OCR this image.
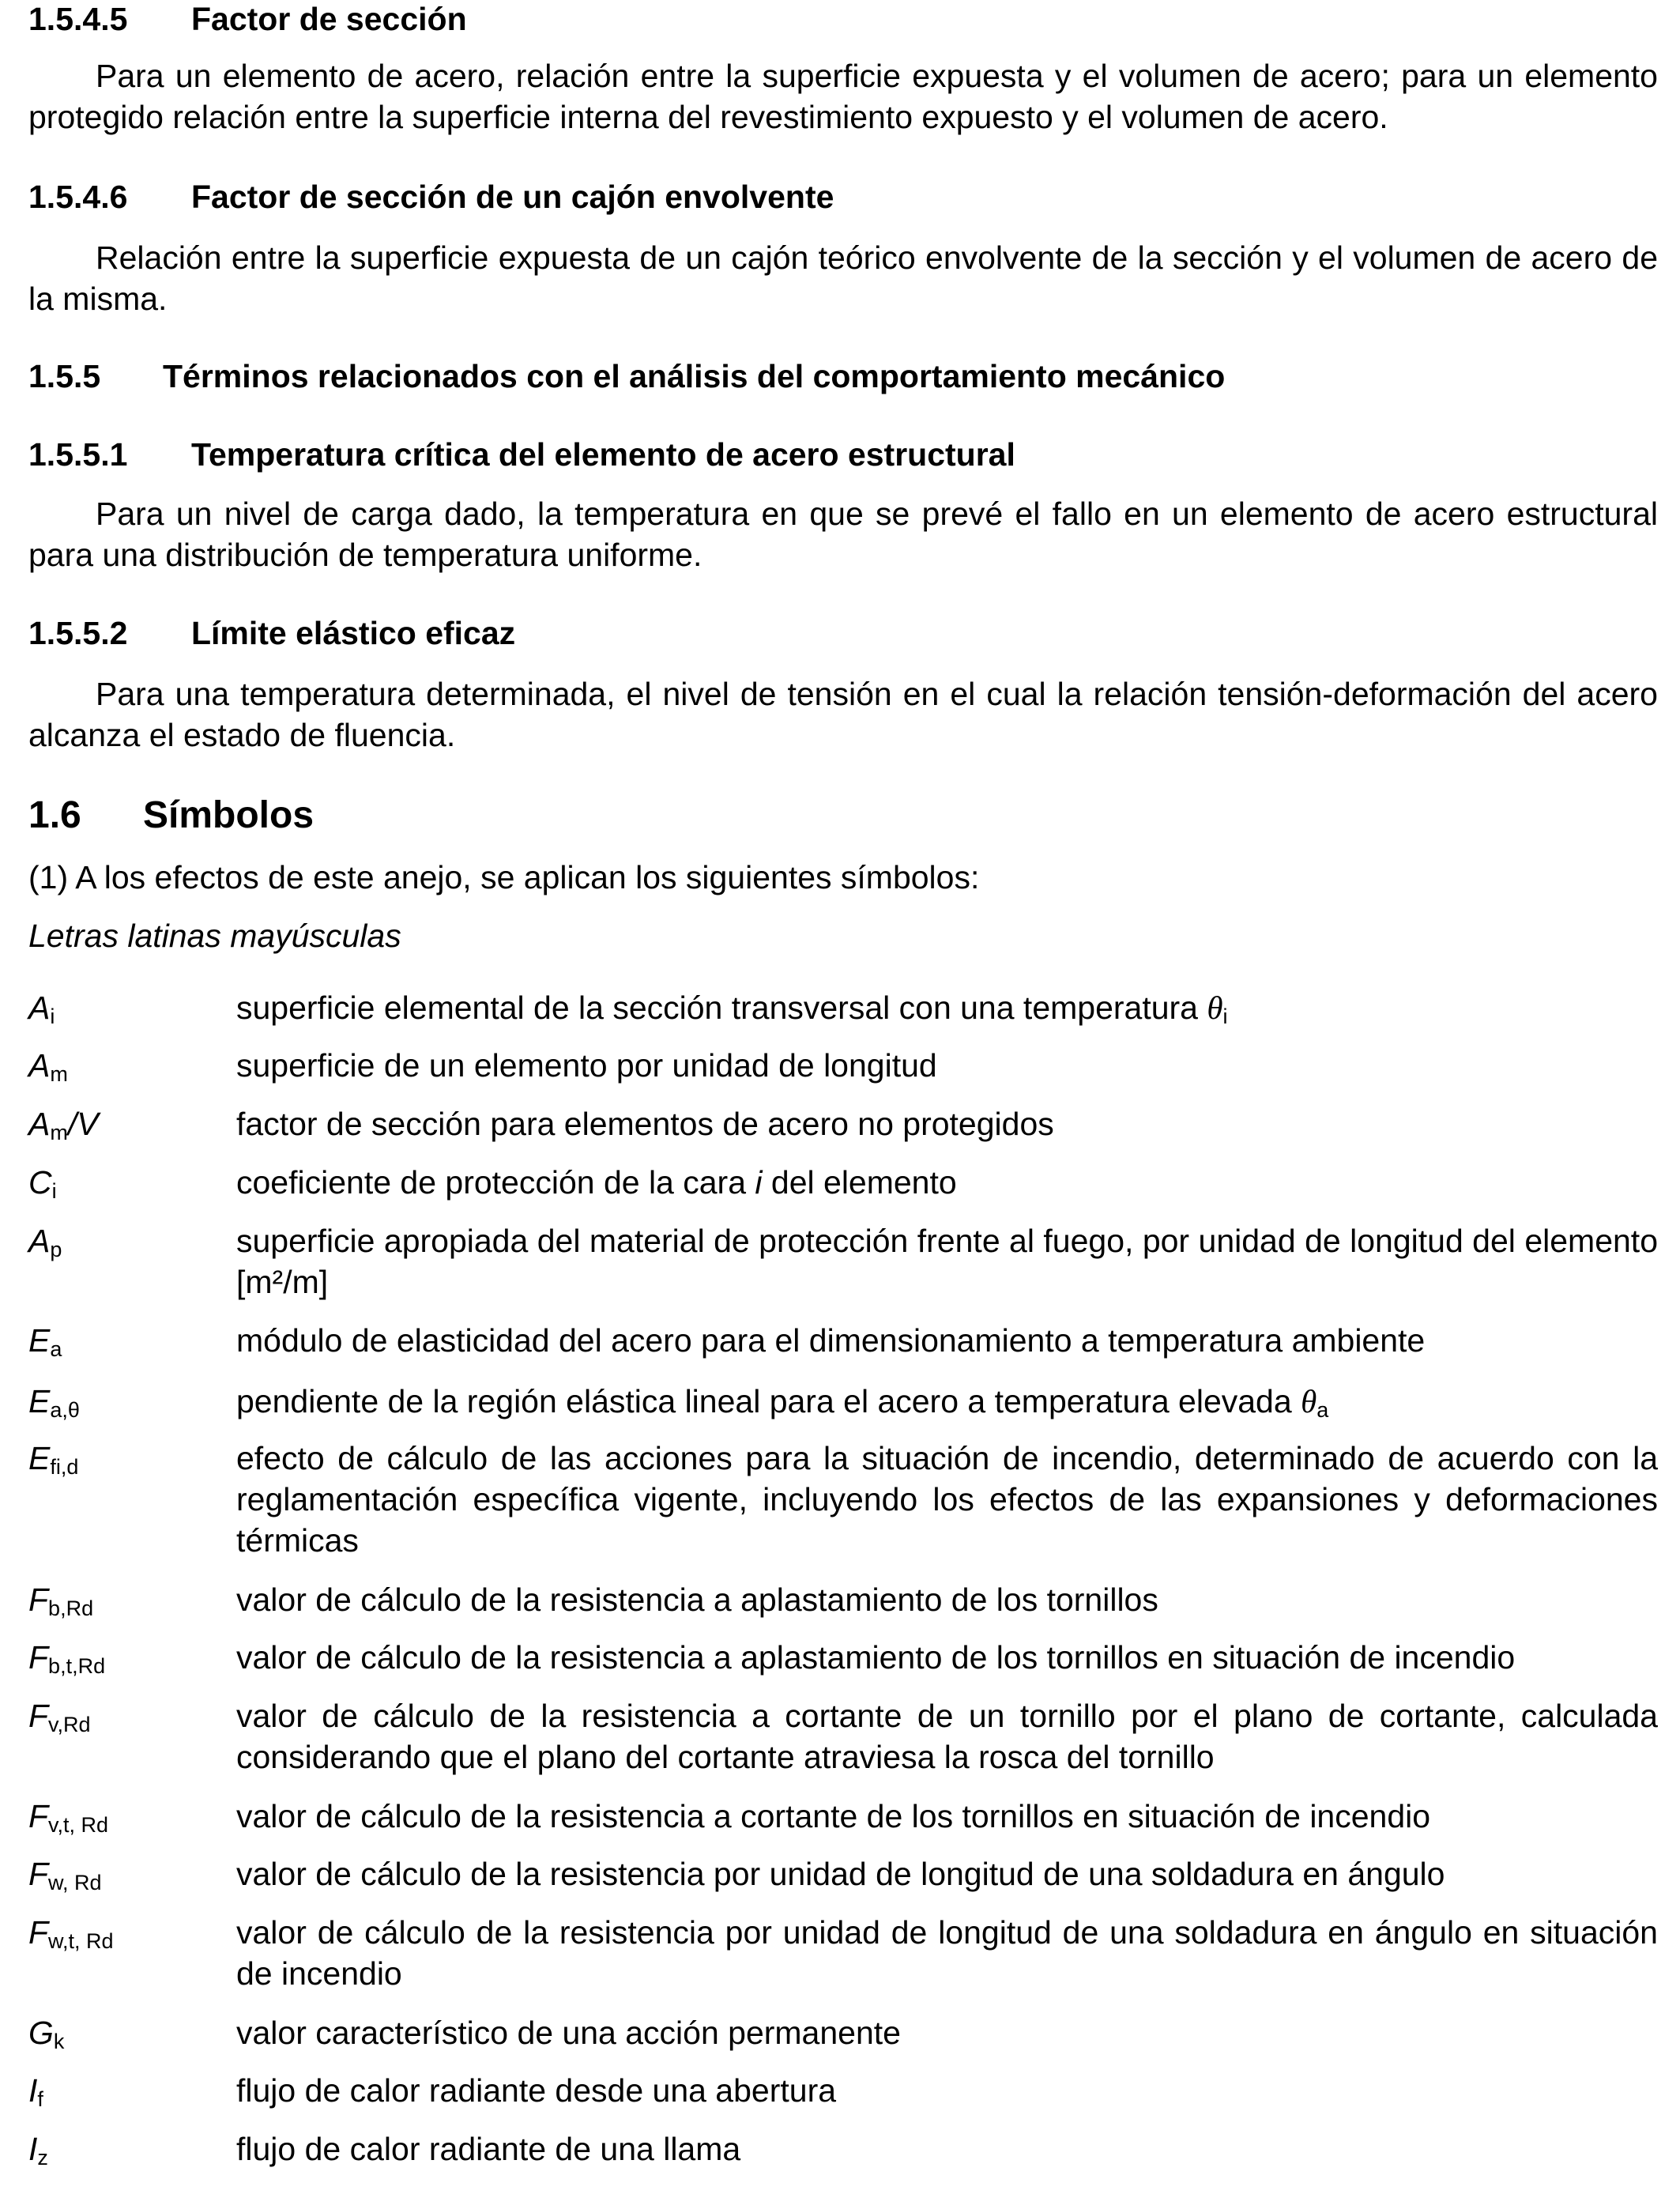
1.5.4.5 Factor de sección
Para un elemento de acero, relación entre la superficie expuesta y el volumen de acero; para un elemento protegido relación entre la superficie interna del revestimiento expuesto y el volumen de acero.
1.5.4.6 Factor de sección de un cajón envolvente
Relación entre la superficie expuesta de un cajón teórico envolvente de la sección y el volumen de acero de la misma.
1.5.5 Términos relacionados con el análisis del comportamiento mecánico
1.5.5.1 Temperatura crítica del elemento de acero estructural
Para un nivel de carga dado, la temperatura en que se prevé el fallo en un elemento de acero estructural para una distribución de temperatura uniforme.
1.5.5.2 Límite elástico eficaz
Para una temperatura determinada, el nivel de tensión en el cual la relación tensión-deformación del acero alcanza el estado de fluencia.
1.6 Símbolos
(1) A los efectos de este anejo, se aplican los siguientes símbolos:
Letras latinas mayúsculas
$A_i$	superficie elemental de la sección transversal con una temperatura $\theta_i$
$A_m$	superficie de un elemento por unidad de longitud
$A_m/V$	factor de sección para elementos de acero no protegidos
$C_i$	coeficiente de protección de la cara i del elemento
$A_p$	superficie apropiada del material de protección frente al fuego, por unidad de longitud del elemento [m²/m]
$E_a$	módulo de elasticidad del acero para el dimensionamiento a temperatura ambiente
$E_{a,\theta}$	pendiente de la región elástica lineal para el acero a temperatura elevada $\theta_a$
$E_{fi,d}$	efecto de cálculo de las acciones para la situación de incendio, determinado de acuerdo con la reglamentación específica vigente, incluyendo los efectos de las expansiones y deformaciones térmicas
$F_{b,Rd}$	valor de cálculo de la resistencia a aplastamiento de los tornillos
$F_{b,t,Rd}$	valor de cálculo de la resistencia a aplastamiento de los tornillos en situación de incendio
$F_{v,Rd}$	valor de cálculo de la resistencia a cortante de un tornillo por el plano de cortante, calculada considerando que el plano del cortante atraviesa la rosca del tornillo
$F_{v,t, Rd}$	valor de cálculo de la resistencia a cortante de los tornillos en situación de incendio
$F_{w, Rd}$	valor de cálculo de la resistencia por unidad de longitud de una soldadura en ángulo
$F_{w,t, Rd}$	valor de cálculo de la resistencia por unidad de longitud de una soldadura en ángulo en situación de incendio
$G_k$	valor característico de una acción permanente
$I_f$	flujo de calor radiante desde una abertura
$I_z$	flujo de calor radiante de una llama
